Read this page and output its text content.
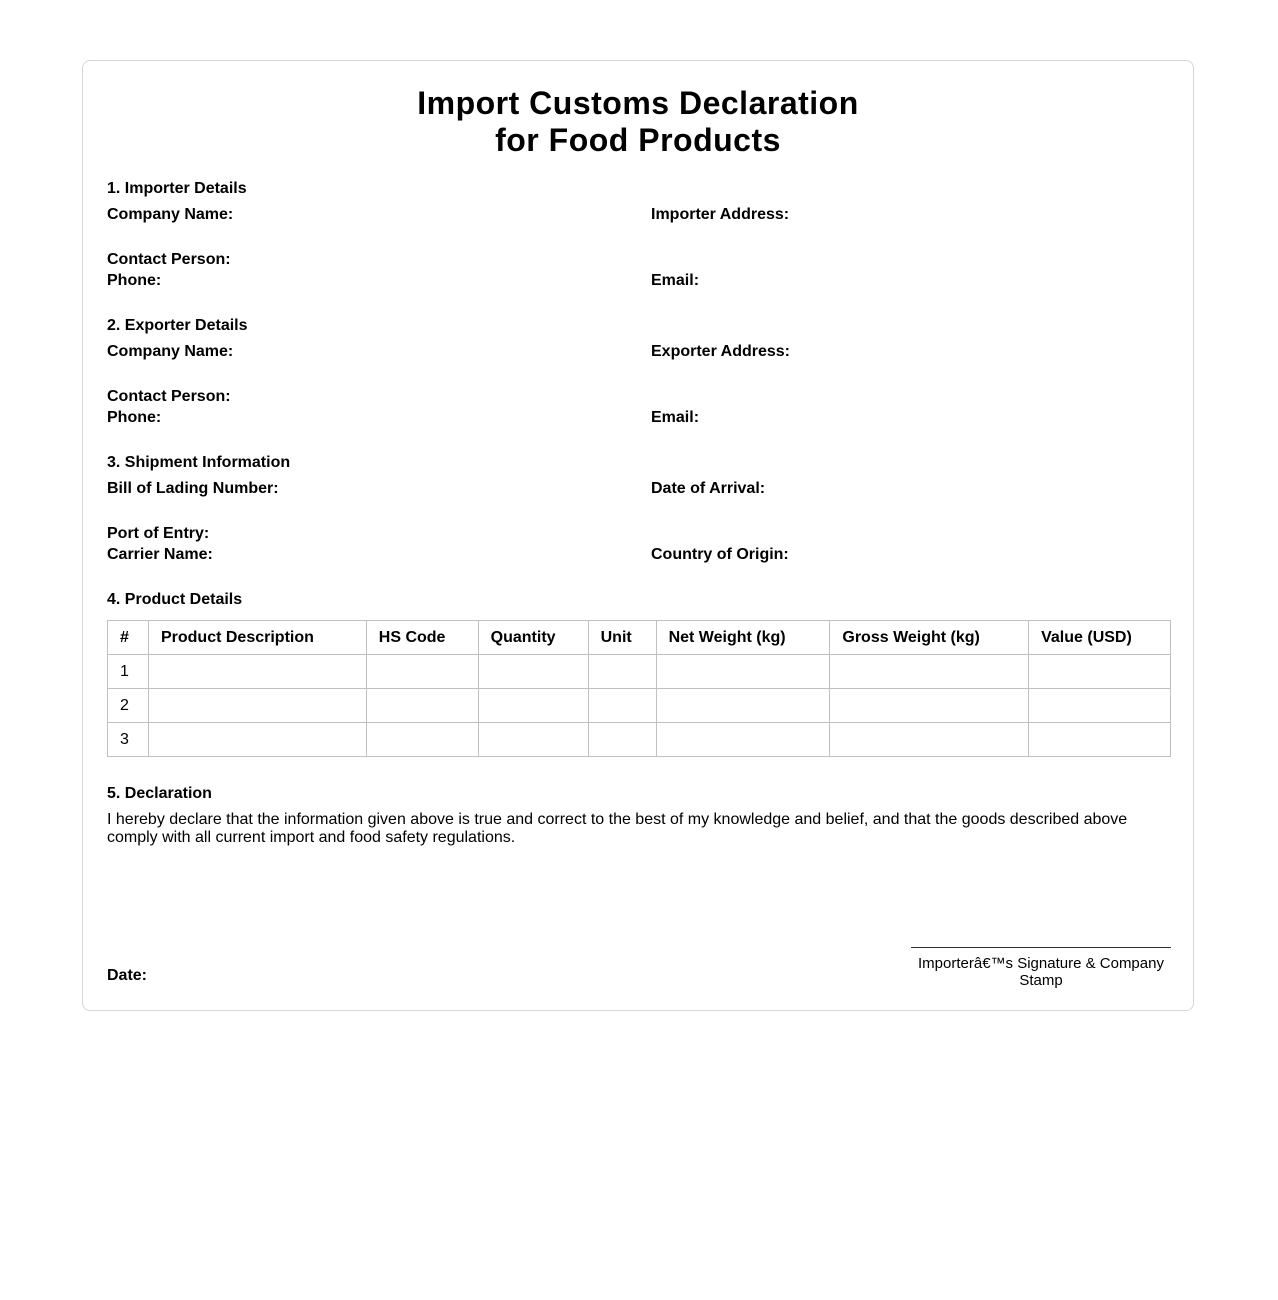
Import Customs Declaration
for Food Products
1. Importer Details
Company Name:	Importer Address:
Contact Person:
Phone:	Email:
2. Exporter Details
Company Name:	Exporter Address:
Contact Person:
Phone:	Email:
3. Shipment Information
Bill of Lading Number:	Date of Arrival:
Port of Entry:
Carrier Name:	Country of Origin:
4. Product Details
#	Product Description	HS Code	Quantity	Unit	Net Weight (kg)	Gross Weight (kg)	Value (USD)
1							
2							
3							
5. Declaration
I hereby declare that the information given above is true and correct to the best of my knowledge and belief, and that the goods described above comply with all current import and food safety regulations.
Date:
Importerâ€™s Signature & Company Stamp
